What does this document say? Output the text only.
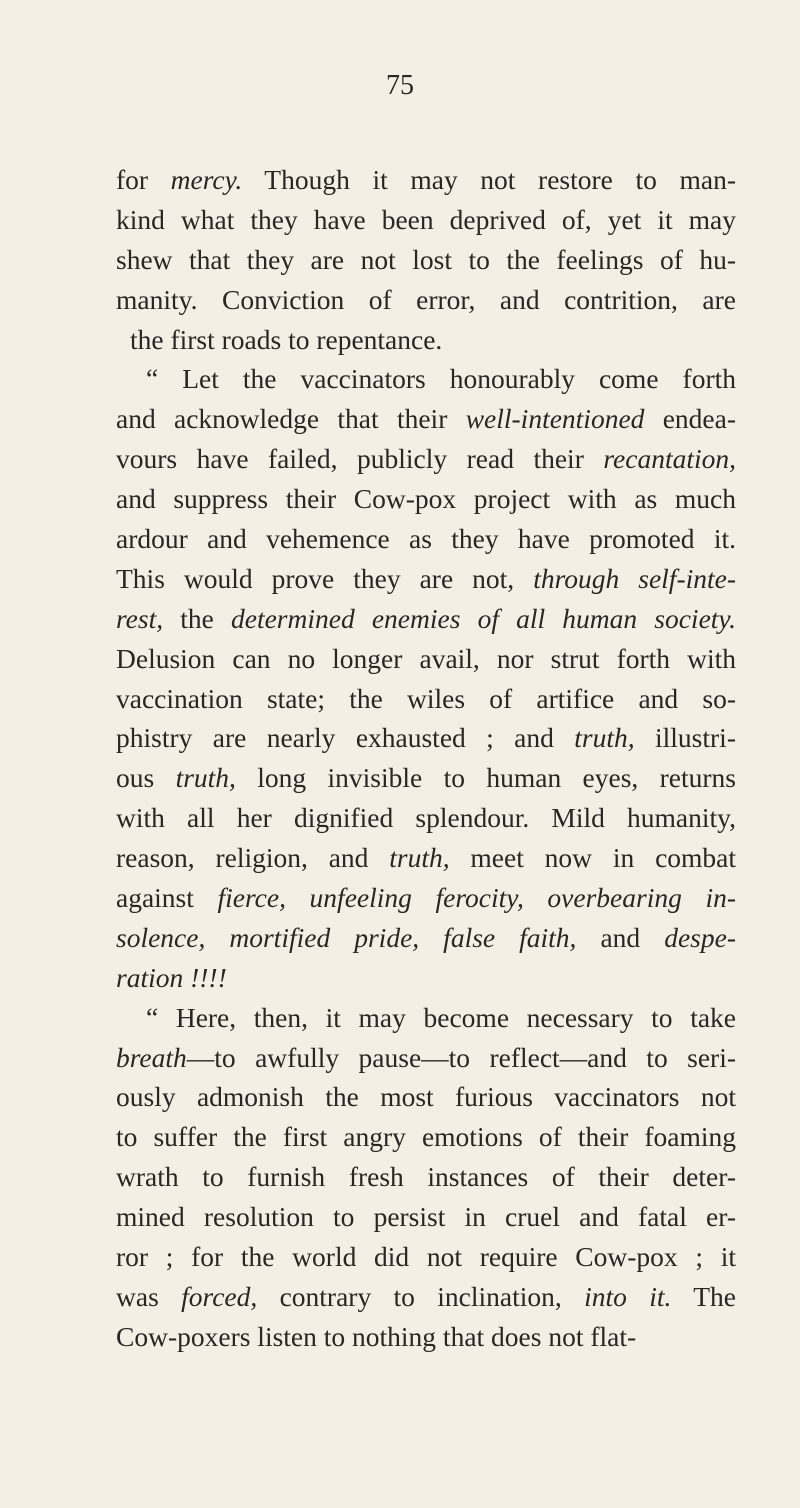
75
for mercy. Though it may not restore to man-
kind what they have been deprived of, yet it may
shew that they are not lost to the feelings of hu-
manity. Conviction of error, and contrition, are
the first roads to repentance.
“ Let the vaccinators honourably come forth
and acknowledge that their well-intentioned endea-
vours have failed, publicly read their recantation,
and suppress their Cow-pox project with as much
ardour and vehemence as they have promoted it.
This would prove they are not, through self-inte-
rest, the determined enemies of all human society.
Delusion can no longer avail, nor strut forth with
vaccination state; the wiles of artifice and so-
phistry are nearly exhausted ; and truth, illustri-
ous truth, long invisible to human eyes, returns
with all her dignified splendour. Mild humanity,
reason, religion, and truth, meet now in combat
against fierce, unfeeling ferocity, overbearing in-
solence, mortified pride, false faith, and despe-
ration !!!!
“ Here, then, it may become necessary to take
breath—to awfully pause—to reflect—and to seri-
ously admonish the most furious vaccinators not
to suffer the first angry emotions of their foaming
wrath to furnish fresh instances of their deter-
mined resolution to persist in cruel and fatal er-
ror ; for the world did not require Cow-pox ; it
was forced, contrary to inclination, into it. The
Cow-poxers listen to nothing that does not flat-
